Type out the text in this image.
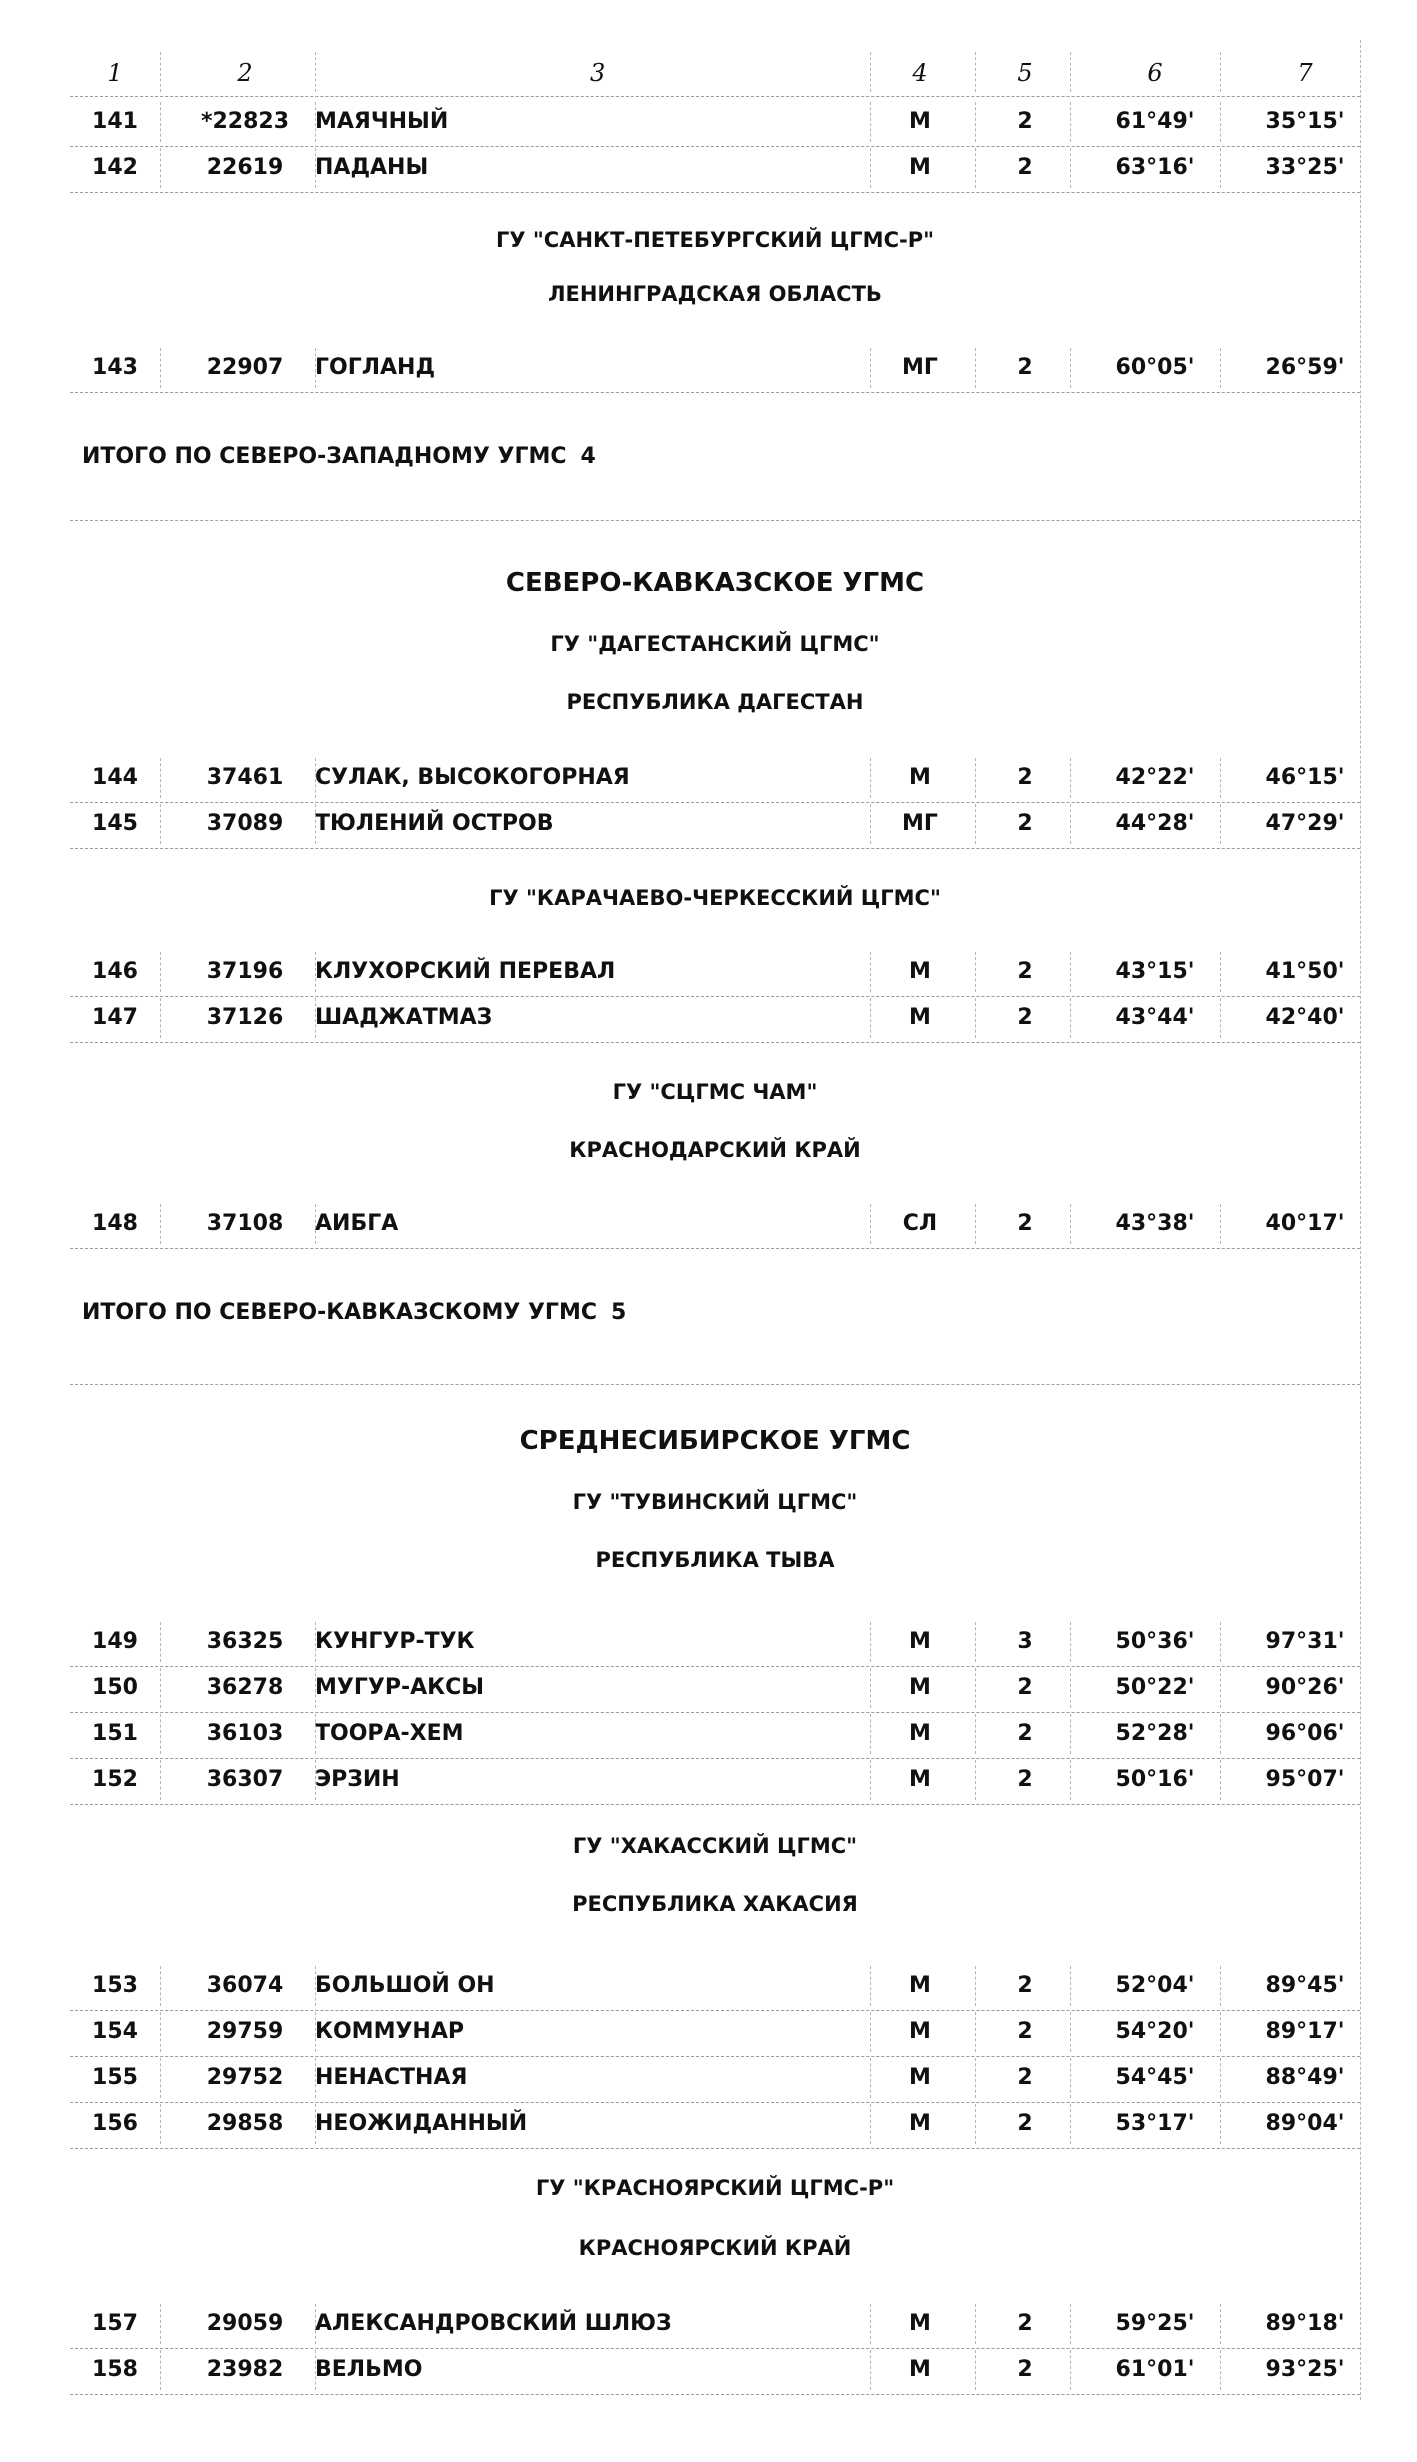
1	2	3	4	5	6	7
141	*22823	МАЯЧНЫЙ	М	2	61°49'	35°15'
142	22619	ПАДАНЫ	М	2	63°16'	33°25'
ГУ "САНКТ-ПЕТЕБУРГСКИЙ ЦГМС-Р"
ЛЕНИНГРАДСКАЯ ОБЛАСТЬ
143	22907	ГОГЛАНД	МГ	2	60°05'	26°59'
ИТОГО ПО СЕВЕРО-ЗАПАДНОМУ УГМС 4
СЕВЕРО-КАВКАЗСКОЕ УГМС
ГУ "ДАГЕСТАНСКИЙ ЦГМС"
РЕСПУБЛИКА ДАГЕСТАН
144	37461	СУЛАК, ВЫСОКОГОРНАЯ	М	2	42°22'	46°15'
145	37089	ТЮЛЕНИЙ ОСТРОВ	МГ	2	44°28'	47°29'
ГУ "КАРАЧАЕВО-ЧЕРКЕССКИЙ ЦГМС"
146	37196	КЛУХОРСКИЙ ПЕРЕВАЛ	М	2	43°15'	41°50'
147	37126	ШАДЖАТМАЗ	М	2	43°44'	42°40'
ГУ "СЦГМС ЧАМ"
КРАСНОДАРСКИЙ КРАЙ
148	37108	АИБГА	СЛ	2	43°38'	40°17'
ИТОГО ПО СЕВЕРО-КАВКАЗСКОМУ УГМС 5
СРЕДНЕСИБИРСКОЕ УГМС
ГУ "ТУВИНСКИЙ ЦГМС"
РЕСПУБЛИКА ТЫВА
149	36325	КУНГУР-ТУК	М	3	50°36'	97°31'
150	36278	МУГУР-АКСЫ	М	2	50°22'	90°26'
151	36103	ТООРА-ХЕМ	М	2	52°28'	96°06'
152	36307	ЭРЗИН	М	2	50°16'	95°07'
ГУ "ХАКАССКИЙ ЦГМС"
РЕСПУБЛИКА ХАКАСИЯ
153	36074	БОЛЬШОЙ ОН	М	2	52°04'	89°45'
154	29759	КОММУНАР	М	2	54°20'	89°17'
155	29752	НЕНАСТНАЯ	М	2	54°45'	88°49'
156	29858	НЕОЖИДАННЫЙ	М	2	53°17'	89°04'
ГУ "КРАСНОЯРСКИЙ ЦГМС-Р"
КРАСНОЯРСКИЙ КРАЙ
157	29059	АЛЕКСАНДРОВСКИЙ ШЛЮЗ	М	2	59°25'	89°18'
158	23982	ВЕЛЬМО	М	2	61°01'	93°25'
